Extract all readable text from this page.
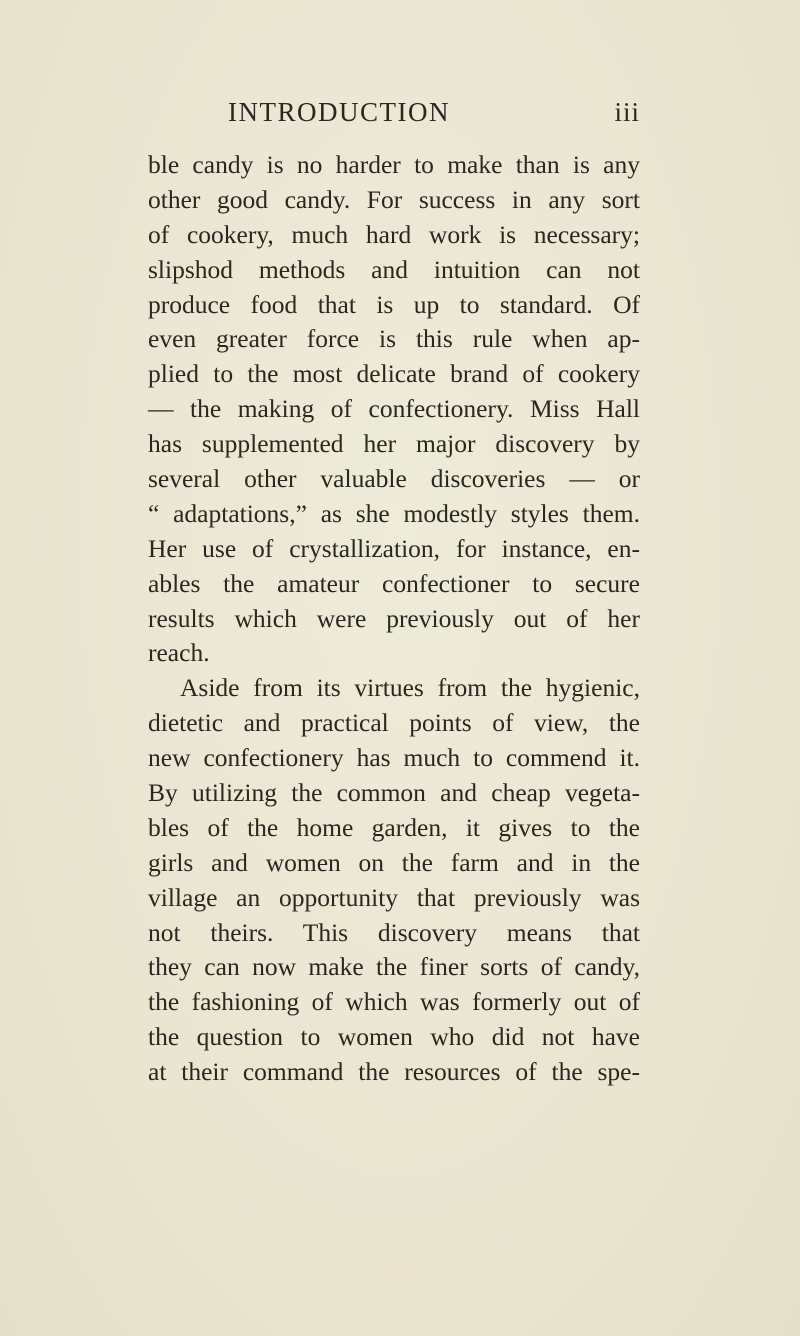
INTRODUCTION	iii
ble candy is no harder to make than is any
other good candy. For success in any sort
of cookery, much hard work is necessary;
slipshod methods and intuition can not
produce food that is up to standard. Of
even greater force is this rule when ap-
plied to the most delicate brand of cookery
— the making of confectionery. Miss Hall
has supplemented her major discovery by
several other valuable discoveries — or
“ adaptations,” as she modestly styles them.
Her use of crystallization, for instance, en-
ables the amateur confectioner to secure
results which were previously out of her
reach.
Aside from its virtues from the hygienic,
dietetic and practical points of view, the
new confectionery has much to commend it.
By utilizing the common and cheap vegeta-
bles of the home garden, it gives to the
girls and women on the farm and in the
village an opportunity that previously was
not theirs. This discovery means that
they can now make the finer sorts of candy,
the fashioning of which was formerly out of
the question to women who did not have
at their command the resources of the spe-
